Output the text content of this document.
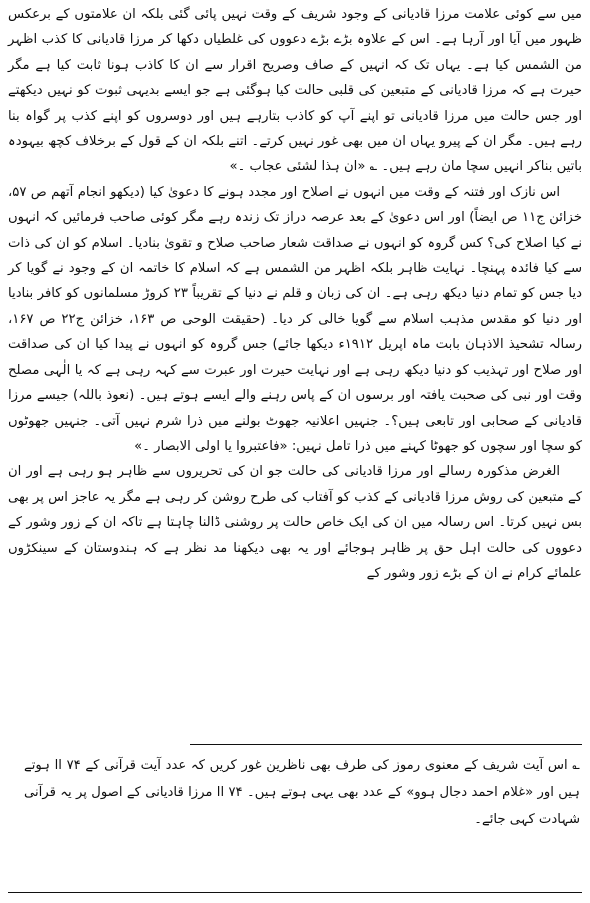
میں سے کوئی علامت مرزا قادیانی کے وجود شریف کے وقت نہیں پائی گئی بلکہ ان علامتوں کے برعکس ظہور میں آیا اور آرہا ہے۔ اس کے علاوہ بڑے بڑے دعووں کی غلطیاں دکھا کر مرزا قادیانی کا کذب اظہر من الشمس کیا ہے۔ یہاں تک کہ انہیں کے صاف وصریح اقرار سے ان کا کاذب ہونا ثابت کیا ہے مگر حیرت ہے کہ مرزا قادیانی کے متبعین کی قلبی حالت کیا ہوگئی ہے جو ایسے بدیہی ثبوت کو نہیں دیکھتے اور جس حالت میں مرزا قادیانی تو اپنے آپ کو کاذب بتارہے ہیں اور دوسروں کو اپنے کذب پر گواہ بنا رہے ہیں۔ مگر ان کے پیرو یہاں ان میں بھی غور نہیں کرتے۔ اتنے بلکہ ان کے قول کے برخلاف کچھ بیہودہ باتیں بناکر انہیں سچا مان رہے ہیں۔ ؎ «ان ہذا لشئی عجاب ۔»

اس نازک اور فتنہ کے وقت میں انہوں نے اصلاح اور مجدد ہونے کا دعویٰ کیا (دیکھو انجام آتھم ص ۵۷، خزائن ج۱۱ ص ایضاً) اور اس دعویٰ کے بعد عرصہ دراز تک زندہ رہے مگر کوئی صاحب فرمائیں کہ انہوں نے کیا اصلاح کی؟ کس گروہ کو انہوں نے صداقت شعار صاحب صلاح و تقویٰ بنادیا۔ اسلام کو ان کی ذات سے کیا فائدہ پہنچا۔ نہایت ظاہر بلکہ اظہر من الشمس ہے کہ اسلام کا خاتمہ ان کے وجود نے گویا کر دیا جس کو تمام دنیا دیکھ رہی ہے۔ ان کی زبان و قلم نے دنیا کے تقریباً ۲۳ کروڑ مسلمانوں کو کافر بنادیا اور دنیا کو مقدس مذہب اسلام سے گویا خالی کر دیا۔ (حقیقت الوحی ص ۱۶۳، خزائن ج۲۲ ص ۱۶۷، رسالہ تشحیذ الاذہان بابت ماہ اپریل ۱۹۱۲ء دیکھا جائے) جس گروہ کو انہوں نے پیدا کیا ان کی صداقت اور صلاح اور تہذیب کو دنیا دیکھ رہی ہے اور نہایت حیرت اور عبرت سے کہہ رہی ہے کہ یا الٰہی مصلح وقت اور نبی کی صحبت یافتہ اور برسوں ان کے پاس رہنے والے ایسے ہوتے ہیں۔ (نعوذ باللہ) جیسے مرزا قادیانی کے صحابی اور تابعی ہیں؟۔ جنہیں اعلانیہ جھوٹ بولنے میں ذرا شرم نہیں آتی۔ جنہیں جھوٹوں کو سچا اور سچوں کو جھوٹا کہنے میں ذرا تامل نہیں: «فاعتبروا یا اولی الابصار ۔»

الغرض مذکورہ رسالے اور مرزا قادیانی کی حالت جو ان کی تحریروں سے ظاہر ہو رہی ہے اور ان کے متبعین کی روش مرزا قادیانی کے کذب کو آفتاب کی طرح روشن کر رہی ہے مگر یہ عاجز اس پر بھی بس نہیں کرتا۔ اس رسالہ میں ان کی ایک خاص حالت پر روشنی ڈالنا چاہتا ہے تاکہ ان کے زور وشور کے دعووں کی حالت اہل حق پر ظاہر ہوجائے اور یہ بھی دیکھنا مد نظر ہے کہ ہندوستان کے سینکڑوں علمائے کرام نے ان کے بڑے زور وشور کے

؎ اس آیت شریف کے معنوی رموز کی طرف بھی ناظرین غور کریں کہ عدد آیت قرآنی کے ۷۴ اا ہوتے ہیں اور «غلام احمد دجال ہوو» کے عدد بھی یہی ہوتے ہیں۔ ۷۴ اا مرزا قادیانی کے اصول پر یہ قرآنی شہادت کہی جائے۔
